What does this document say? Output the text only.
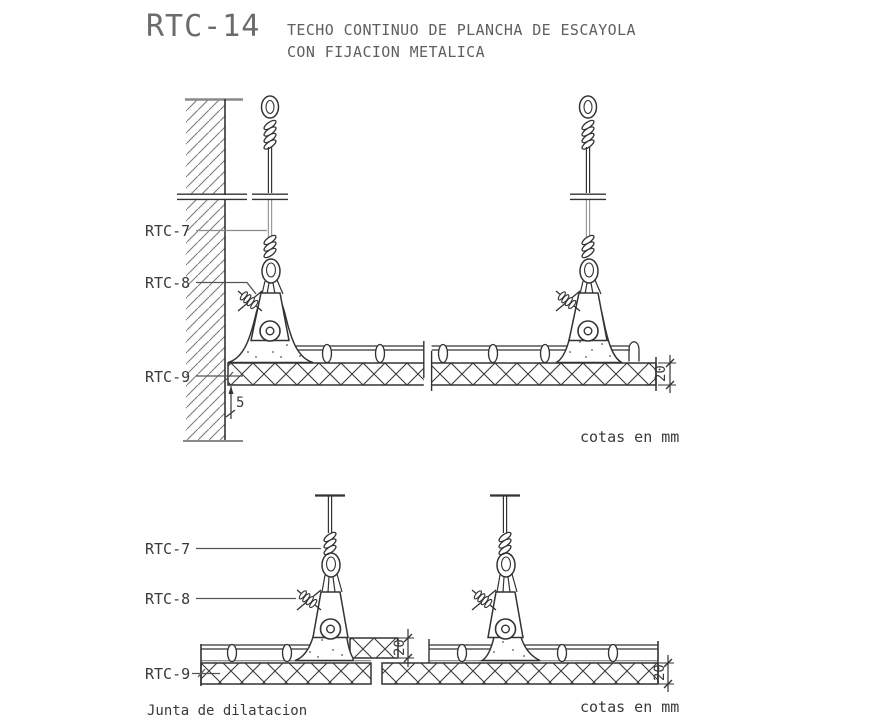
RTC-14 TECHO CONTINUO DE PLANCHA DE ESCAYOLA
CON FIJACION METALICA
5
20
RTC-7
RTC-8
RTC-9
cotas en mm
20
20
RTC-7
RTC-8
RTC-9
Junta de dilatacion	cotas en mm
